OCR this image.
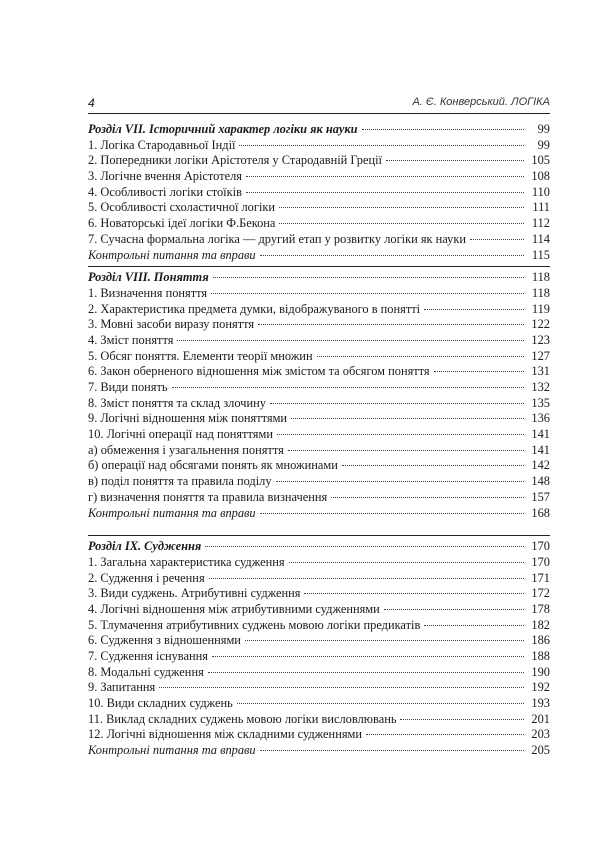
4	А. Є. Конверський. ЛОГІКА
Розділ VII. Історичний характер логіки як науки	99
1. Логіка Стародавньої Індії	99
2. Попередники логіки Арістотеля у Стародавній Греції	105
3. Логічне вчення Арістотеля	108
4. Особливості логіки стоїків	110
5. Особливості схоластичної логіки	111
6. Новаторські ідеї логіки Ф.Бекона	112
7. Сучасна формальна логіка — другий етап у розвитку логіки як науки	114
Контрольні питання та вправи	115
Розділ VIII. Поняття	118
1. Визначення поняття	118
2. Характеристика предмета думки, відображуваного в понятті	119
3. Мовні засоби виразу поняття	122
4. Зміст поняття	123
5. Обсяг поняття. Елементи теорії множин	127
6. Закон оберненого відношення між змістом та обсягом поняття	131
7. Види понять	132
8. Зміст поняття та склад злочину	135
9. Логічні відношення між поняттями	136
10. Логічні операції над поняттями	141
а) обмеження і узагальнення поняття	141
б) операції над обсягами понять як множинами	142
в) поділ поняття та правила поділу	148
г) визначення поняття та правила визначення	157
Контрольні питання та вправи	168
Розділ IX. Судження	170
1. Загальна характеристика судження	170
2. Судження і речення	171
3. Види суджень. Атрибутивні судження	172
4. Логічні відношення між атрибутивними судженнями	178
5. Тлумачення атрибутивних суджень мовою логіки предикатів	182
6. Судження з відношеннями	186
7. Судження існування	188
8. Модальні судження	190
9. Запитання	192
10. Види складних суджень	193
11. Виклад складних суджень мовою логіки висловлювань	201
12. Логічні відношення між складними судженнями	203
Контрольні питання та вправи	205
